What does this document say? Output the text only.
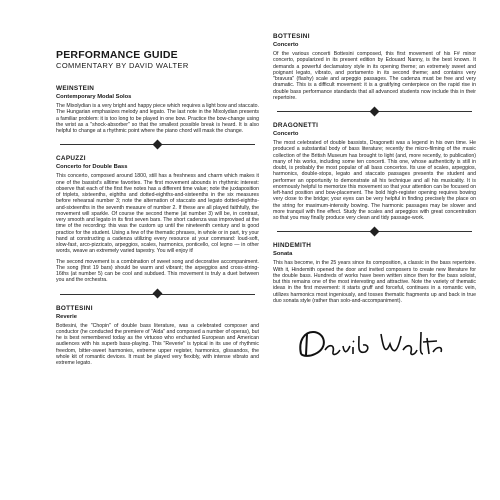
PERFORMANCE GUIDE
COMMENTARY BY DAVID WALTER
WEINSTEIN
Contemporary Modal Solos

The Mixolydian is a very bright and happy piece which requires a light bow and staccato. The Hungarian emphasizes melody and legato. The last note in the Mixolydian presents a familiar problem: it is too long to be played in one bow. Practice the bow-change using the wrist as a "shock-absorber" so that the smallest possible break is heard. It is also helpful to change at a rhythmic point where the piano chord will mask the change.

CAPUZZI
Concerto for Double Bass

This concerto, composed around 1800, still has a freshness and charm which makes it one of the bassist's alltime favorites. The first movement abounds in rhythmic interest: observe that each of the first five notes has a different time value; note the juxtaposition of triplets, sixteenths, eighths and dotted-eighths-and-sixteenths in the six measures before rehearsal number 3; note the alternation of staccato and legato dotted-eighths-and-sixteenths in the seventh measure of number 2. If these are all played faithfully, the movement will sparkle. Of course the second theme (at number 3) will be, in contrast, very smooth and legato in its first seven bars. The short cadenza was improvised at the time of the recording: this was the custom up until the nineteenth century and is good practice for the student. Using a few of the thematic phrases, in whole or in part, try your hand at constructing a cadenza utilizing every resource at your command: loud-soft, slow-fast, arco-pizzicato, arpeggios, scales, harmonics, ponticello, col legno — in other words, weave an extremely varied tapestry. You will enjoy it!

The second movement is a combination of sweet song and decorative accompaniment. The song (first 19 bars) should be warm and vibrant; the arpeggios and cross-string-16ths (at number 5) can be cool and subdued. This movement is truly a duet between you and the orchestra.

BOTTESINI
Reverie

Bottesini, the "Chopin" of double bass literature, was a celebrated composer and conductor (he conducted the premiere of "Aida" and composed a number of operas), but he is best remembered today as the virtuoso who enchanted European and American audiences with his superb bass-playing. This "Reverie" is typical in its use of rhythmic freedom, bitter-sweet harmonies, extreme upper register, harmonics, glissandos, the whole kit of romantic devices. It must be played very flexibly, with intense vibrato and extreme legato.

BOTTESINI
Concerto

Of the various concerti Bottesini composed, this first movement of his F# minor concerto, popularized in its present edition by Edouard Nanny, is the best known. It demands a powerful declamatory style in its opening theme; an extremely sweet and poignant legato, vibrato, and portamento in its second theme; and contains very "bravura" (flashy) scale and arpeggio passages. The cadenza must be free and very dramatic. This is a difficult movement: it is a gratifying centerpiece on the rapid rise in double bass performance standards that all advanced students now include this in their repertoire.

DRAGONETTI
Concerto

The most celebrated of double bassists, Dragonetti was a legend in his own time. He produced a substantial body of bass literature; recently the micro-filming of the music collection of the British Museum has brought to light (and, more recently, to publication) many of his works, including some ten concerti. This one, whose authenticity is still in doubt, is probably the most popular of all bass concertos. Its use of scales, arpeggios, harmonics, double-stops, legato and staccato passages presents the student and performer an opportunity to demonstrate all his technique and all his musicality. It is enormously helpful to memorize this movement so that your attention can be focused on left-hand position and bow-placement. The bold high-register opening requires bowing very close to the bridge; your eyes can be very helpful in finding precisely the place on the string for maximum-intensity bowing. The harmonic passages may be slower and more tranquil with fine effect. Study the scales and arpeggios with great concentration so that you may finally produce very clean and tidy passage-work.

HINDEMITH
Sonata

This has become, in the 25 years since its composition, a classic in the bass repertoire. With it, Hindemith opened the door and invited composers to create new literature for the double bass. Hundreds of works have been written since then for the bass soloist, but this remains one of the most interesting and attractive. Note the variety of thematic ideas in the first movement: it starts gruff and forceful, continues in a romantic vein, utilizes harmonics most ingeniously, and tosses thematic fragments up and back in true duo sonata style (rather than solo-and-accompaniment).
